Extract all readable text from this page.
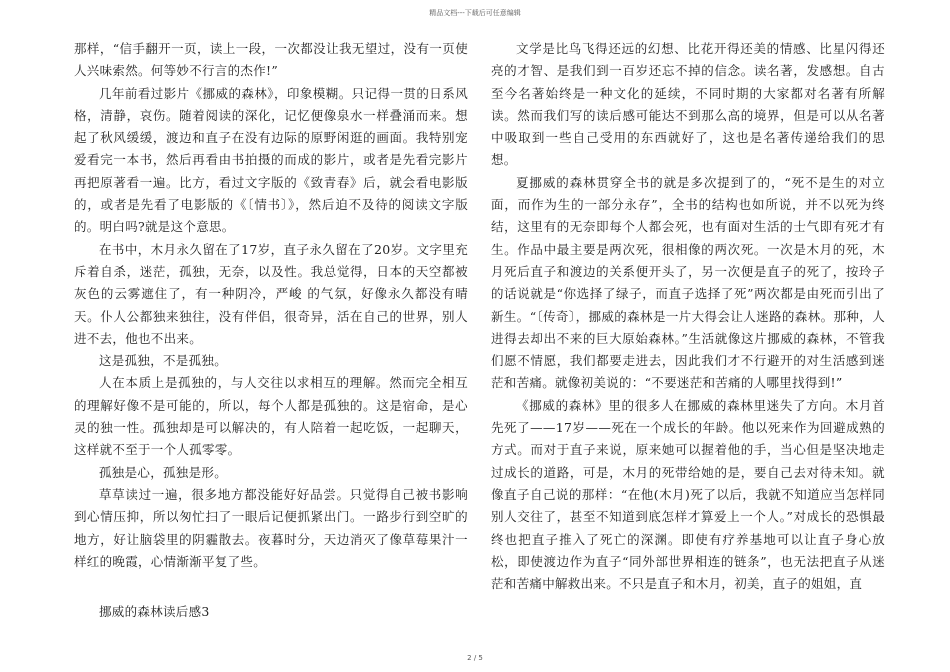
精品文档---下载后可任意编辑

那样，“信手翻开一页，读上一段，一次都没让我无望过，没有一页使人兴味索然。何等妙不行言的杰作!”

几年前看过影片《挪威的森林》，印象模糊。只记得一贯的日系风格，清静，哀伤。随着阅读的深化，记忆便像泉水一样叠涌而来。想起了秋风缓缓，渡边和直子在没有边际的原野闲逛的画面。我特别宠爱看完一本书，然后再看由书拍摄的而成的影片，或者是先看完影片再把原著看一遍。比方，看过文字版的《致青春》后，就会看电影版的，或者是先看了电影版的《〔情书〕》，然后迫不及待的阅读文字版的。明白吗?就是这个意思。

在书中，木月永久留在了17岁，直子永久留在了20岁。文字里充斥着自杀，迷茫，孤独，无奈，以及性。我总觉得，日本的天空都被灰色的云雾遮住了，有一种阴冷，严峻 的气氛，好像永久都没有晴天。仆人公都独来独往，没有伴侣，很奇异，活在自己的世界，别人进不去，他也不出来。

这是孤独，不是孤独。

人在本质上是孤独的，与人交往以求相互的理解。然而完全相互的理解好像不是可能的，所以，每个人都是孤独的。这是宿命，是心灵的独一性。孤独却是可以解决的，有人陪着一起吃饭，一起聊天，这样就不至于一个人孤零零。

孤独是心，孤独是形。

草草读过一遍，很多地方都没能好好品尝。只觉得自己被书影响到心情压抑，所以匆忙扫了一眼后记便抓紧出门。一路步行到空旷的地方，好让脑袋里的阴霾散去。夜暮时分，天边消灭了像草莓果汁一样红的晚霞，心情渐渐平复了些。

挪威的森林读后感3

文学是比鸟飞得还远的幻想、比花开得还美的情感、比星闪得还亮的才智、是我们到一百岁还忘不掉的信念。读名著，发感想。自古至今名著始终是一种文化的延续，不同时期的大家都对名著有所解读。然而我们写的读后感可能达不到那么高的境界，但是可以从名著中吸取到一些自己受用的东西就好了，这也是名著传递给我们的思想。

夏挪威的森林贯穿全书的就是多次提到了的，“死不是生的对立面，而作为生的一部分永存”，全书的结构也如所说，并不以死为终结，这里有的无奈即每个人都会死，也有面对生活的士气即有死才有生。作品中最主要是两次死，很相像的两次死。一次是木月的死，木月死后直子和渡边的关系便开头了，另一次便是直子的死了，按玲子的话说就是“你选择了绿子，而直子选择了死”两次都是由死而引出了新生。“〔传奇〕，挪威的森林是一片大得会让人迷路的森林。那种，人进得去却出不来的巨大原始森林。”生活就像这片挪威的森林，不管我们愿不情愿，我们都要走进去，因此我们才不行避开的对生活感到迷茫和苦痛。就像初美说的：“不要迷茫和苦痛的人哪里找得到!”

《挪威的森林》里的很多人在挪威的森林里迷失了方向。木月首先死了——17岁——死在一个成长的年龄。他以死来作为回避成熟的方式。而对于直子来说，原来她可以握着他的手，当心但是坚决地走过成长的道路，可是，木月的死带给她的是，要自己去对待未知。就像直子自己说的那样：“在他(木月)死了以后，我就不知道应当怎样同别人交往了，甚至不知道到底怎样才算爱上一个人。”对成长的恐惧最终也把直子推入了死亡的深渊。即使有疗养基地可以让直子身心放松，即使渡边作为直子“同外部世界相连的链条”，也无法把直子从迷茫和苦痛中解救出来。不只是直子和木月，初美，直子的姐姐，直

2 / 5
